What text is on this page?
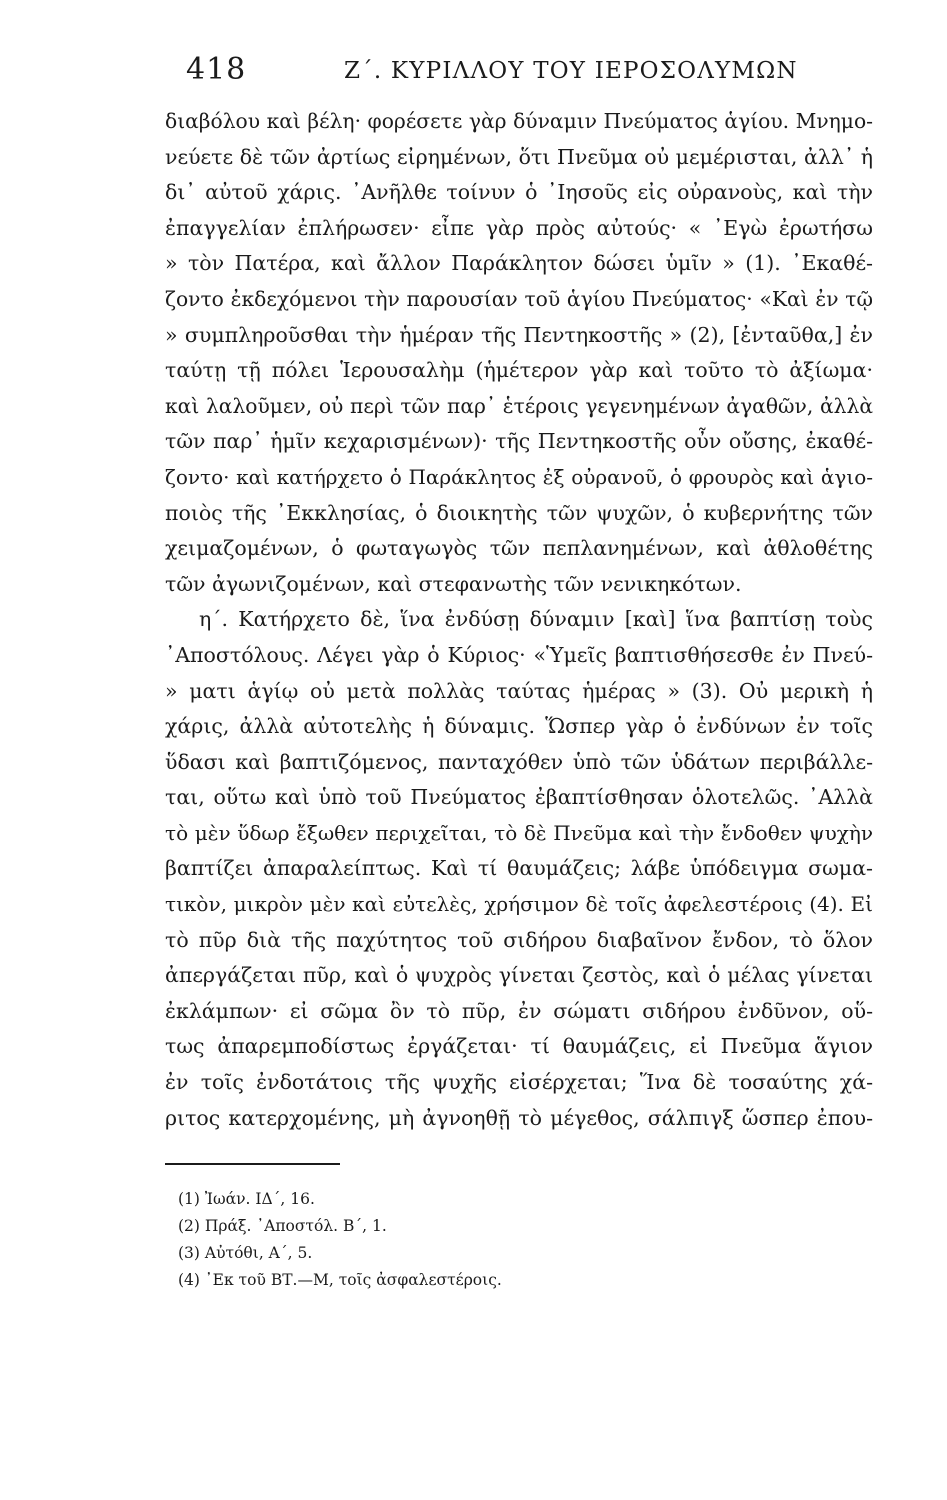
418	Ζ΄. ΚΥΡΙΛΛΟΥ ΤΟΥ ΙΕΡΟΣΟΛΥΜΩΝ
διαβόλου καὶ βέλη· φορέσετε γὰρ δύναμιν Πνεύματος ἁγίου. Μνημο-
νεύετε δὲ τῶν ἀρτίως εἰρημένων, ὅτι Πνεῦμα οὐ μεμέρισται, ἀλλ᾽ ἡ
δι᾽ αὐτοῦ χάρις. ᾿Ανῆλθε τοίνυν ὁ ᾿Ιησοῦς εἰς οὐρανοὺς, καὶ τὴν
ἐπαγγελίαν ἐπλήρωσεν· εἶπε γὰρ πρὸς αὐτούς· « ᾿Εγὼ ἐρωτήσω
» τὸν Πατέρα, καὶ ἄλλον Παράκλητον δώσει ὑμῖν » (1). ᾿Εκαθέ-
ζοντο ἐκδεχόμενοι τὴν παρουσίαν τοῦ ἁγίου Πνεύματος· «Καὶ ἐν τῷ
» συμπληροῦσθαι τὴν ἡμέραν τῆς Πεντηκοστῆς » (2), [ἐνταῦθα,] ἐν
ταύτῃ τῇ πόλει Ἱερουσαλὴμ (ἡμέτερον γὰρ καὶ τοῦτο τὸ ἀξίωμα·
καὶ λαλοῦμεν, οὐ περὶ τῶν παρ᾽ ἑτέροις γεγενημένων ἀγαθῶν, ἀλλὰ
τῶν παρ᾽ ἡμῖν κεχαρισμένων)· τῆς Πεντηκοστῆς οὖν οὔσης, ἐκαθέ-
ζοντο· καὶ κατήρχετο ὁ Παράκλητος ἐξ οὐρανοῦ, ὁ φρουρὸς καὶ ἁγιο-
ποιὸς τῆς ᾿Εκκλησίας, ὁ διοικητὴς τῶν ψυχῶν, ὁ κυβερνήτης τῶν
χειμαζομένων, ὁ φωταγωγὸς τῶν πεπλανημένων, καὶ ἀθλοθέτης
τῶν ἀγωνιζομένων, καὶ στεφανωτὴς τῶν νενικηκότων.
η΄. Κατήρχετο δὲ, ἵνα ἐνδύσῃ δύναμιν [καὶ] ἵνα βαπτίσῃ τοὺς
᾿Αποστόλους. Λέγει γὰρ ὁ Κύριος· «Ὑμεῖς βαπτισθήσεσθε ἐν Πνεύ-
» ματι ἁγίῳ οὐ μετὰ πολλὰς ταύτας ἡμέρας » (3). Οὐ μερικὴ ἡ
χάρις, ἀλλὰ αὐτοτελὴς ἡ δύναμις. Ὥσπερ γὰρ ὁ ἐνδύνων ἐν τοῖς
ὕδασι καὶ βαπτιζόμενος, πανταχόθεν ὑπὸ τῶν ὑδάτων περιβάλλε-
ται, οὕτω καὶ ὑπὸ τοῦ Πνεύματος ἐβαπτίσθησαν ὁλοτελῶς. ᾿Αλλὰ
τὸ μὲν ὕδωρ ἔξωθεν περιχεῖται, τὸ δὲ Πνεῦμα καὶ τὴν ἔνδοθεν ψυχὴν
βαπτίζει ἀπαραλείπτως. Καὶ τί θαυμάζεις; λάβε ὑπόδειγμα σωμα-
τικὸν, μικρὸν μὲν καὶ εὐτελὲς, χρήσιμον δὲ τοῖς ἀφελεστέροις (4). Εἰ
τὸ πῦρ διὰ τῆς παχύτητος τοῦ σιδήρου διαβαῖνον ἔνδον, τὸ ὅλον
ἀπεργάζεται πῦρ, καὶ ὁ ψυχρὸς γίνεται ζεστὸς, καὶ ὁ μέλας γίνεται
ἐκλάμπων· εἰ σῶμα ὂν τὸ πῦρ, ἐν σώματι σιδήρου ἐνδῦνον, οὕ-
τως ἀπαρεμποδίστως ἐργάζεται· τί θαυμάζεις, εἰ Πνεῦμα ἅγιον
ἐν τοῖς ἐνδοτάτοις τῆς ψυχῆς εἰσέρχεται; Ἵνα δὲ τοσαύτης χά-
ριτος κατερχομένης, μὴ ἀγνοηθῇ τὸ μέγεθος, σάλπιγξ ὥσπερ ἐπου-
(1) Ἰωάν. ΙΔ΄, 16.
(2) Πράξ. ᾿Αποστόλ. Β΄, 1.
(3) Αὐτόθι, Α΄, 5.
(4) ᾿Εκ τοῦ ΒΤ.—Μ, τοῖς ἀσφαλεστέροις.
